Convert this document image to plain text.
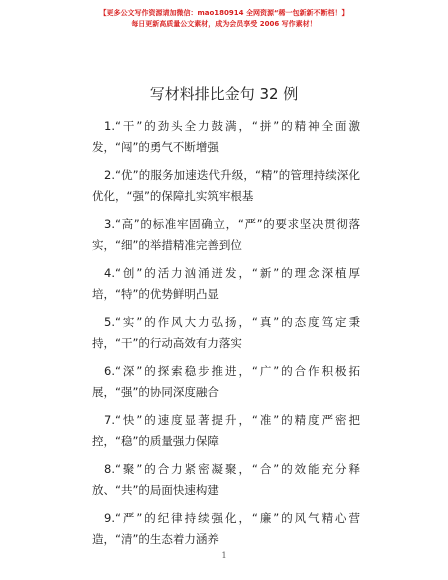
【更多公文写作资源请加微信：mao180914 全网资源“稀一包新新不断档！】
每日更新高质量公文素材，成为会员享受 2006 写作素材！
写材料排比金句 32 例

1.“干”的劲头全力鼓满，“拼”的精神全面激发，“闯”的勇气不断增强

2.“优”的服务加速迭代升级，“精”的管理持续深化优化，“强”的保障扎实筑牢根基

3.“高”的标准牢固确立，“严”的要求坚决贯彻落实，“细”的举措精准完善到位

4.“创”的活力汹涌迸发，“新”的理念深植厚培，“特”的优势鲜明凸显

5.“实”的作风大力弘扬，“真”的态度笃定秉持，“干”的行动高效有力落实

6.“深”的探索稳步推进，“广”的合作积极拓展，“强”的协同深度融合

7.“快”的速度显著提升，“准”的精度严密把控，“稳”的质量强力保障

8.“聚”的合力紧密凝聚，“合”的效能充分释放、“共”的局面快速构建

9.“严”的纪律持续强化，“廉”的风气精心营造，“清”的生态着力涵养

1
